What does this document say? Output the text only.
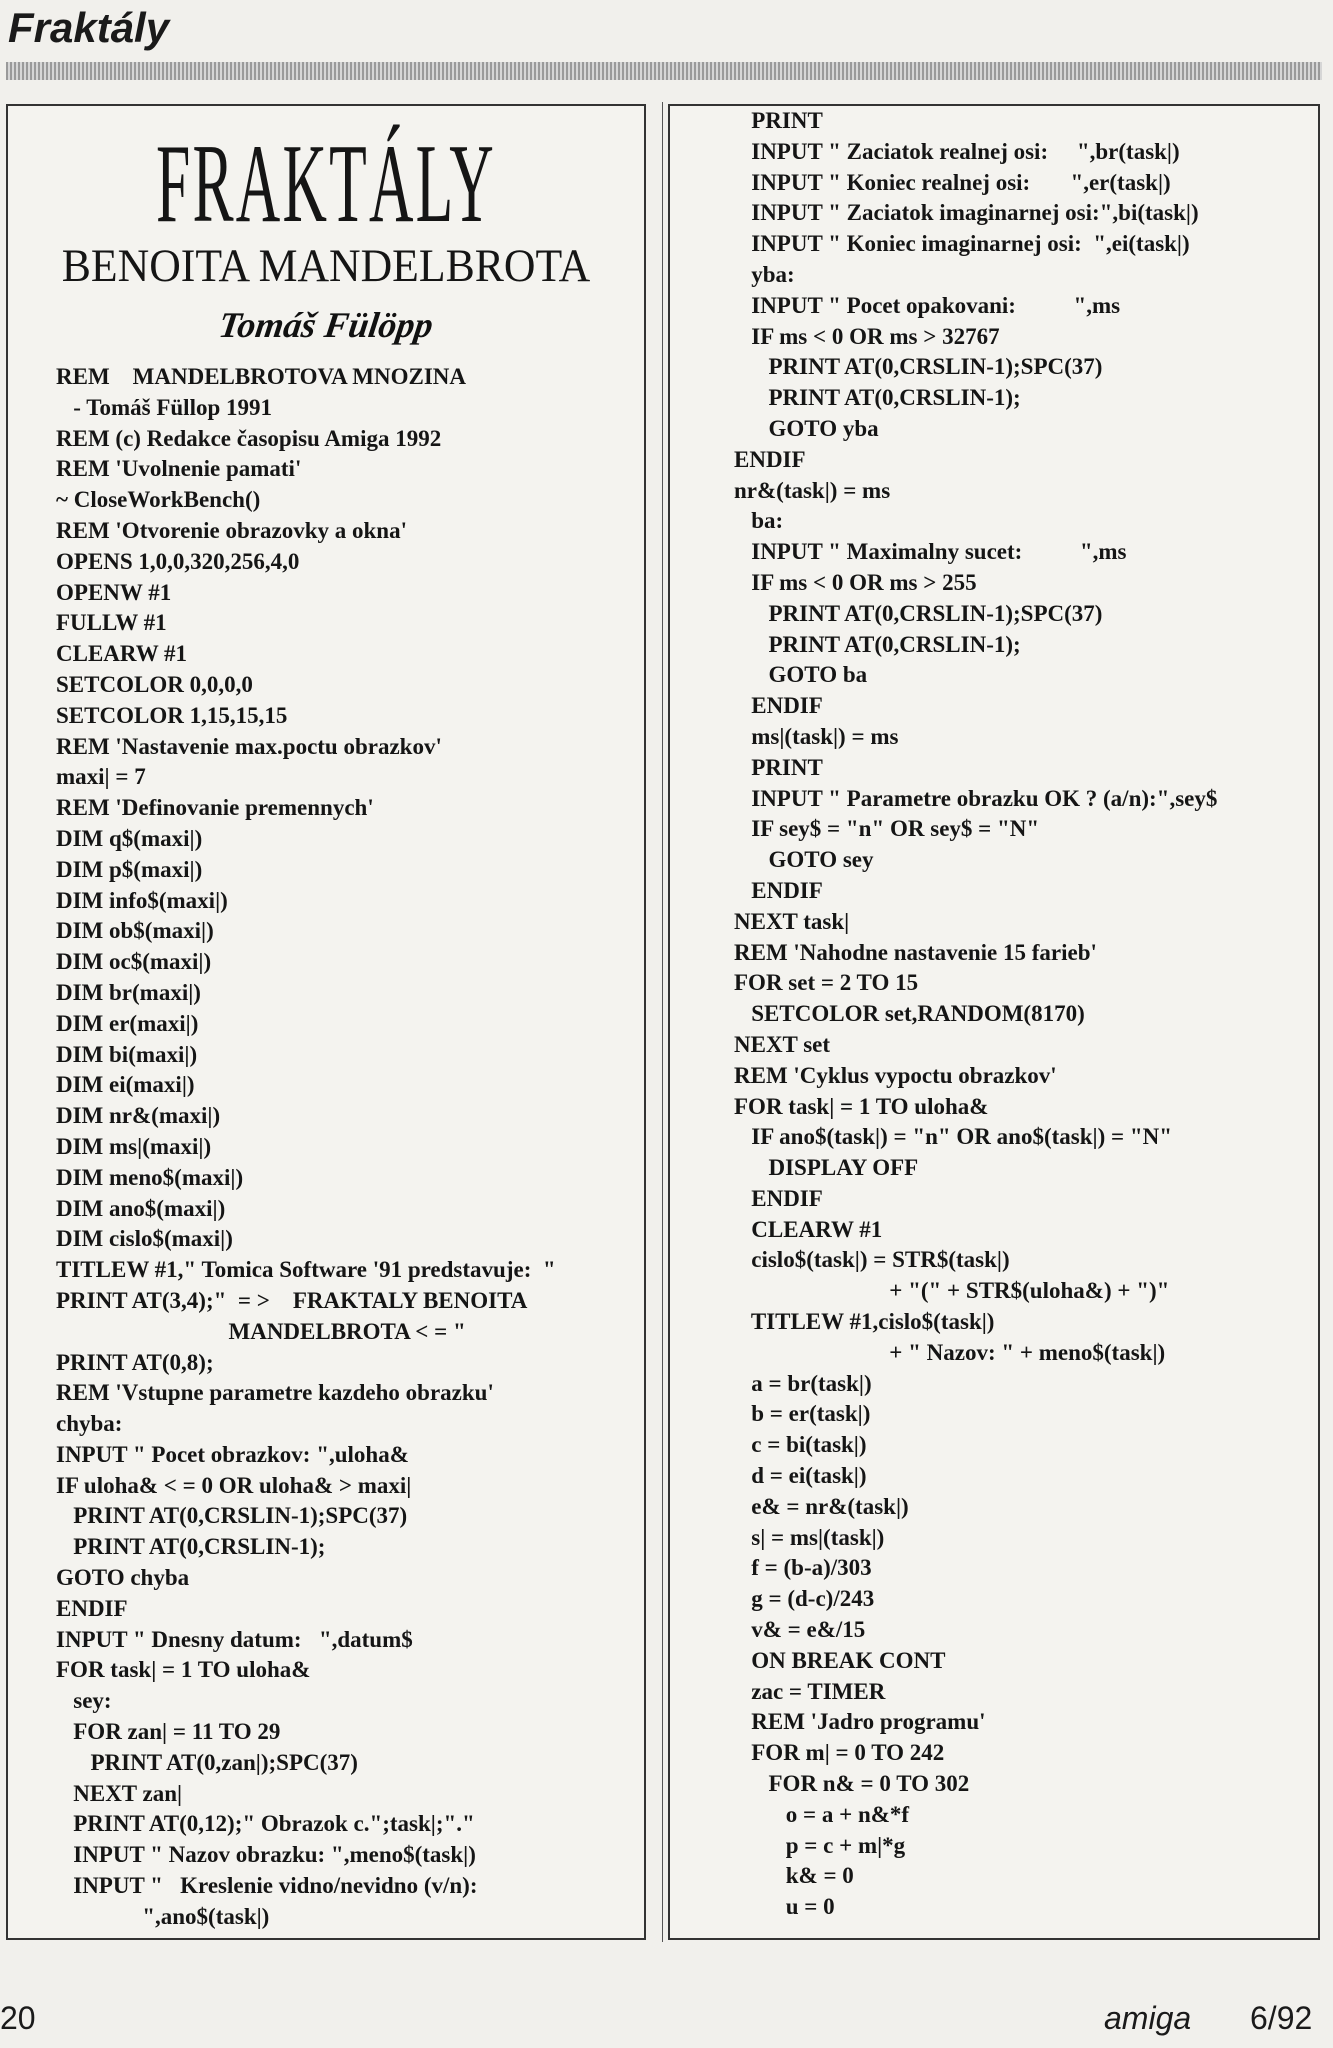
Fraktály
FRAKTÁLY
BENOITA MANDELBROTA
Tomáš Fülöpp
REM    MANDELBROTOVA MNOZINA
- Tomáš Füllop 1991
REM (c) Redakce časopisu Amiga 1992
REM 'Uvolnenie pamati'
~ CloseWorkBench()
REM 'Otvorenie obrazovky a okna'
OPENS 1,0,0,320,256,4,0
OPENW #1
FULLW #1
CLEARW #1
SETCOLOR 0,0,0,0
SETCOLOR 1,15,15,15
REM 'Nastavenie max.poctu obrazkov'
maxi| = 7
REM 'Definovanie premennych'
DIM q$(maxi|)
DIM p$(maxi|)
DIM info$(maxi|)
DIM ob$(maxi|)
DIM oc$(maxi|)
DIM br(maxi|)
DIM er(maxi|)
DIM bi(maxi|)
DIM ei(maxi|)
DIM nr&(maxi|)
DIM ms|(maxi|)
DIM meno$(maxi|)
DIM ano$(maxi|)
DIM cislo$(maxi|)
TITLEW #1," Tomica Software '91 predstavuje:  "
PRINT AT(3,4);"  = >    FRAKTALY BENOITA
MANDELBROTA < = "
PRINT AT(0,8);
REM 'Vstupne parametre kazdeho obrazku'
chyba:
INPUT " Pocet obrazkov: ",uloha&
IF uloha& < = 0 OR uloha& > maxi|
PRINT AT(0,CRSLIN-1);SPC(37)
PRINT AT(0,CRSLIN-1);
GOTO chyba
ENDIF
INPUT " Dnesny datum:   ",datum$
FOR task| = 1 TO uloha&
sey:
FOR zan| = 11 TO 29
PRINT AT(0,zan|);SPC(37)
NEXT zan|
PRINT AT(0,12);" Obrazok c.";task|;"."
INPUT " Nazov obrazku: ",meno$(task|)
INPUT "   Kreslenie vidno/nevidno (v/n):
",ano$(task|)
PRINT
INPUT " Zaciatok realnej osi:     ",br(task|)
INPUT " Koniec realnej osi:       ",er(task|)
INPUT " Zaciatok imaginarnej osi:",bi(task|)
INPUT " Koniec imaginarnej osi:  ",ei(task|)
yba:
INPUT " Pocet opakovani:          ",ms
IF ms < 0 OR ms > 32767
PRINT AT(0,CRSLIN-1);SPC(37)
PRINT AT(0,CRSLIN-1);
GOTO yba
ENDIF
nr&(task|) = ms
ba:
INPUT " Maximalny sucet:          ",ms
IF ms < 0 OR ms > 255
PRINT AT(0,CRSLIN-1);SPC(37)
PRINT AT(0,CRSLIN-1);
GOTO ba
ENDIF
ms|(task|) = ms
PRINT
INPUT " Parametre obrazku OK ? (a/n):",sey$
IF sey$ = "n" OR sey$ = "N"
GOTO sey
ENDIF
NEXT task|
REM 'Nahodne nastavenie 15 farieb'
FOR set = 2 TO 15
SETCOLOR set,RANDOM(8170)
NEXT set
REM 'Cyklus vypoctu obrazkov'
FOR task| = 1 TO uloha&
IF ano$(task|) = "n" OR ano$(task|) = "N"
DISPLAY OFF
ENDIF
CLEARW #1
cislo$(task|) = STR$(task|)
+ "(" + STR$(uloha&) + ")"
TITLEW #1,cislo$(task|)
+ " Nazov: " + meno$(task|)
a = br(task|)
b = er(task|)
c = bi(task|)
d = ei(task|)
e& = nr&(task|)
s| = ms|(task|)
f = (b-a)/303
g = (d-c)/243
v& = e&/15
ON BREAK CONT
zac = TIMER
REM 'Jadro programu'
FOR m| = 0 TO 242
FOR n& = 0 TO 302
o = a + n&*f
p = c + m|*g
k& = 0
u = 0
20	amiga 6/92
